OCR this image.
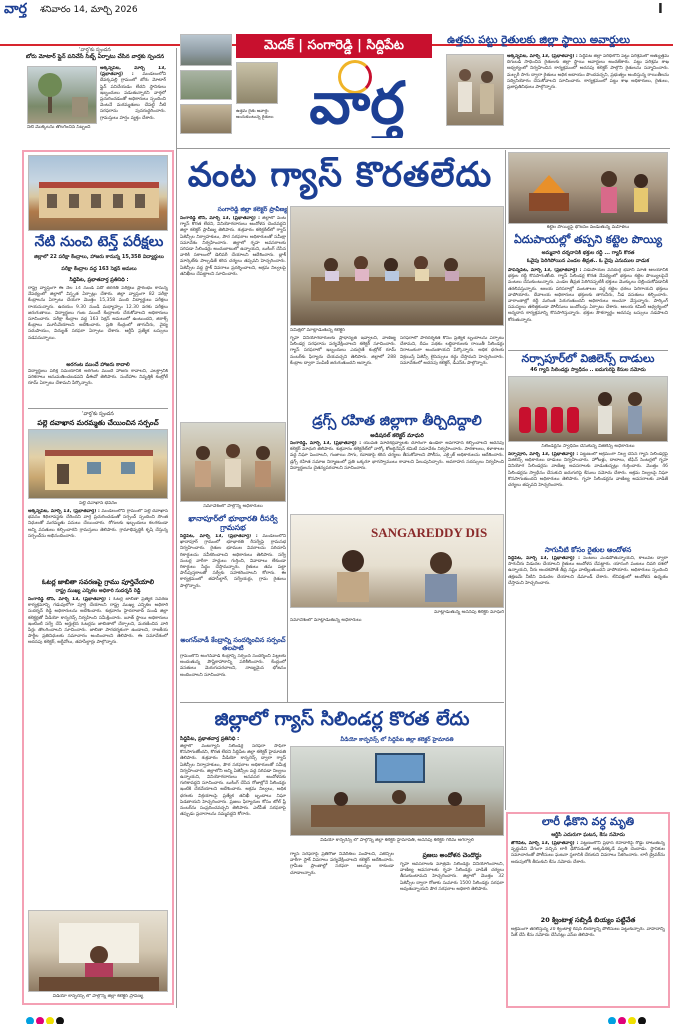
వార్త శనివారం 14, మార్చి 2026	I
'వార్త'కు స్పందన
బోరు మోటార్ ప్లైన్ పనిచేసే సిబ్బ్ ఏర్పాటు చేసిన వార్తకు స్పందన
అక్కన్నపేట, మార్చి 13, (ప్రభాతవార్త) : మండలంలోని దేవక్కపల్లి గ్రామంలో బోరు మోటార్ ప్లైన్ పనిచేయడం లేదని స్థానికులు ఇబ్బందులు పడుతున్నారని వార్తలో ప్రచురించడంతో అధికారులు స్పందించి వెంటనే మరమ్మతులు చేపట్టి నీటి సరఫరాను పునరుద్ధరించారు. గ్రామస్తులు హర్షం వ్యక్తం చేశారు.
నీటి మొక్కలను తొలగించిన సిబ్బంది
మెదక్ | సంగారెడ్డి | సిద్దిపేట
ఉత్తమ రైతు అవార్డు అందుకుంటున్న రైతులు వార్త
ఉత్తమ పట్టు రైతులకు జిల్లా స్థాయి అవార్డులు
అక్కన్నపేట, మార్చి 13, (ప్రభాతవార్త) : సిద్దిపేట జిల్లా పరిధిలోని పట్టు పరిశ్రమలో అత్యుత్తమ దిగుబడి సాధించిన రైతులకు జిల్లా స్థాయి అవార్డులు అందజేశారు. పట్టు పరిశ్రమ శాఖ ఆధ్వర్యంలో నిర్వహించిన కార్యక్రమంలో అదనపు కలెక్టర్ పాల్గొని రైతులను సన్మానించారు. మల్బరీ సాగు ద్వారా రైతులు అధిక ఆదాయం పొందవచ్చని, ప్రభుత్వం అందిస్తున్న రాయితీలను సద్వినియోగం చేసుకోవాలని సూచించారు. కార్యక్రమంలో పట్టు శాఖ అధికారులు, రైతులు, ప్రజాప్రతినిధులు పాల్గొన్నారు.
వంట గ్యాస్ కొరతలేదు
నేటి నుంచి టెన్త్ పరీక్షలు
జిల్లాలో 22 పరీక్షా కేంద్రాలు, హాజరు కానున్న 15,358 విద్యార్థులు
పరీక్షా కేంద్రాల వద్ద 163 సెక్షన్ అమలు
సిద్దిపేట, ప్రభాతవార్త ప్రతినిధి :
రాష్ట్ర వ్యాప్తంగా ఈ నెల 14 నుండి పదో తరగతి పరీక్షలు ప్రారంభం కానున్న నేపథ్యంలో జిల్లాలో విస్తృత ఏర్పాట్లు చేశారు. జిల్లా వ్యాప్తంగా 82 పరీక్షా కేంద్రాలను ఏర్పాటు చేయగా మొత్తం 15,358 మంది విద్యార్థులు పరీక్షలు రాయనున్నారు. ఉదయం 9.30 నుండి మధ్యాహ్నం 12.30 వరకు పరీక్షలు జరుగుతాయి. విద్యార్థులు గంట ముందే కేంద్రాలకు చేరుకోవాలని అధికారులు సూచించారు. పరీక్షా కేంద్రాల వద్ద 163 సెక్షన్ అమలులో ఉంటుందని, జిరాక్స్ కేంద్రాలు మూసివేయాలని ఆదేశించారు. ప్రతి కేంద్రంలో తాగునీరు, వైద్య సదుపాయం, విద్యుత్ సరఫరా ఏర్పాటు చేశారు. ఆర్టీసీ ప్రత్యేక బస్సులు నడపనున్నాయి.
అరగంట ముందే హాజరు కావాలి
విద్యార్థులు పరీక్ష సమయానికి అరగంట ముందే హాజరు కావాలని, ఎలక్ట్రానిక్ పరికరాలు అనుమతించబడవని డీఈవో తెలిపారు. సందేహాల నివృత్తికి కంట్రోల్ రూమ్ ఏర్పాటు చేశామని పేర్కొన్నారు.
'వార్త'కు స్పందన
పల్లె దవాఖాన మరమ్మతు చేయించిన సర్పంచ్
పల్లె దవాఖాన భవనం
అక్కన్నపేట, మార్చి 13, (ప్రభాతవార్త) : మండలంలోని గ్రామంలో పల్లె దవాఖాన భవనం శిథిలావస్థకు చేరిందని వార్త ప్రచురించడంతో సర్పంచ్ స్పందించి సొంత నిధులతో మరమ్మతు పనులు చేయించారు. రోగులకు ఇబ్బందులు కలగకుండా అన్ని వసతులు కల్పించారని గ్రామస్తులు తెలిపారు. గ్రామాభివృద్ధికి కృషి చేస్తున్న సర్పంచ్‌ను అభినందించారు.
ఓటర్ల జాబితా సవరణపై గ్రాము పూర్తిచేయాలి
రాష్ట్ర ముఖ్య ఎన్నికల అధికారి సుదర్శన్ రెడ్డి
సంగారెడ్డి టౌన్, మార్చి 13, (ప్రభాతవార్త) : ఓటర్ల జాబితా ప్రత్యేక సవరణ కార్యక్రమాన్ని గడువులోగా పూర్తి చేయాలని రాష్ట్ర ముఖ్య ఎన్నికల అధికారి సుదర్శన్ రెడ్డి అధికారులను ఆదేశించారు. శుక్రవారం హైదరాబాద్ నుండి జిల్లా కలెక్టర్లతో వీడియో కాన్ఫరెన్స్ నిర్వహించి సమీక్షించారు. బూత్ స్థాయి అధికారులు ఇంటింటి సర్వే చేసి అర్హులైన ఓటర్లను జాబితాలో చేర్చాలని, మరణించిన వారి పేర్లు తొలగించాలని సూచించారు. జాబితా పారదర్శకంగా ఉండాలని, రాజకీయ పార్టీల ప్రతినిధులకు సమాచారం అందించాలని తెలిపారు. ఈ సమావేశంలో అదనపు కలెక్టర్, ఆర్డీవోలు, తహసీల్దార్లు పాల్గొన్నారు.
వీడియో కాన్ఫరెన్స్ లో పాల్గొన్న జిల్లా కలెక్టర్ ప్రావీణ్య
సంగారెడ్డి జిల్లా కలెక్టర్ ప్రావీణ్య
సంగారెడ్డి టౌన్, మార్చి 13, (ప్రభాతవార్త) : జిల్లాలో వంట గ్యాస్ కొరత లేదని, వినియోగదారులు ఆందోళన చెందవద్దని జిల్లా కలెక్టర్ ప్రావీణ్య తెలిపారు. శుక్రవారం కలెక్టరేట్‌లో గ్యాస్ ఏజెన్సీల నిర్వాహకులు, పౌర సరఫరాల అధికారులతో సమీక్షా సమావేశం నిర్వహించారు. జిల్లాలో గృహ అవసరాలకు సరిపడా సిలిండర్లు అందుబాటులో ఉన్నాయని, బుకింగ్ చేసిన వారికి సకాలంలో డెలివరీ చేయాలని ఆదేశించారు. బ్లాక్ మార్కెట్‌కు పాల్పడితే కఠిన చర్యలు తప్పవని హెచ్చరించారు. ఏజెన్సీల వద్ద స్టాక్ వివరాలు ప్రదర్శించాలని, అక్రమ నిల్వలపై తనిఖీలు చేపట్టాలని సూచించారు.
సమీక్షలో మాట్లాడుతున్న కలెక్టర్
గృహ వినియోగదారులకు ప్రాధాన్యత ఇవ్వాలని, వాణిజ్య సిలిండర్ల సరఫరాను పర్యవేక్షించాలని కలెక్టర్ సూచించారు. గ్యాస్ సరఫరాలో ఇబ్బందులు ఎదురైతే కంట్రోల్ రూమ్ నంబర్‌కు ఫిర్యాదు చేయవచ్చని తెలిపారు. జిల్లాలో 288 కేంద్రాల ద్వారా పంపిణీ జరుగుతుందని అన్నారు.
సరఫరాలో పారదర్శకత కోసం ప్రత్యేక బృందాలను ఏర్పాటు చేశామని, దీపం పథకం లబ్ధిదారులకు రాయితీ సిలిండర్లు నిరాటంకంగా అందుతాయని పేర్కొన్నారు. అధిక ధరలకు విక్రయిస్తే ఏజెన్సీ లైసెన్సులు రద్దు చేస్తామని హెచ్చరించారు. సమావేశంలో అదనపు కలెక్టర్, డీఎస్‌ఓ పాల్గొన్నారు.
డ్రగ్స్ రహిత జిల్లాగా తీర్చిదిద్దాలి
అడిషనల్ కలెక్టర్ మాధురి
సంగారెడ్డి, మార్చి 13, (ప్రభాతవార్త) : యువత మాదకద్రవ్యాలకు దూరంగా ఉండేలా అవగాహన కల్పించాలని అదనపు కలెక్టర్ మాధురి తెలిపారు. శుక్రవారం కలెక్టరేట్‌లో నార్కో కోఆర్డినేషన్ కమిటీ సమావేశం నిర్వహించారు. పాఠశాలలు, కళాశాలల వద్ద నిఘా పెంచాలని, గంజాయి సాగు, రవాణాపై కఠిన చర్యలు తీసుకోవాలని పోలీసు, ఎక్సైజ్ అధికారులను ఆదేశించారు. డ్రగ్స్ రహిత సమాజ నిర్మాణంలో ప్రతి ఒక్కరూ భాగస్వాములు కావాలని పిలుపునిచ్చారు. అవగాహన సదస్సులు నిర్వహించి విద్యార్థులను చైతన్యపరచాలని సూచించారు.
సమావేశంలో పాల్గొన్న అధికారులు
ఖానాపూర్‌లో భూభారతి రీసర్వే గ్రామసభ
సిద్దిపేట, మార్చి 13, (ప్రభాతవార్త) : మండలంలోని ఖానాపూర్ గ్రామంలో భూభారతి రీసర్వేపై గ్రామసభ నిర్వహించారు. రైతుల భూముల వివరాలను సరిచూసి రికార్డులను నవీకరించాలని అధికారులు తెలిపారు. సర్వే నంబర్ల వారీగా హద్దులు గుర్తించి, వివాదాలు లేకుండా రికార్డులు సిద్ధం చేస్తామన్నారు. రైతులు తమ పట్టా పాస్‌పుస్తకాలతో సర్వేకు సహకరించాలని కోరారు. ఈ కార్యక్రమంలో తహసీల్దార్, సర్వేయర్లు, గ్రామ రైతులు పాల్గొన్నారు.
SANGAREDDY DIS
మాట్లాడుతున్న అదనపు కలెక్టర్ మాధురి
అంగన్‌వాడీ కేంద్రాన్ని సందర్శించిన సర్పంచ్ తలపాటి
గ్రామంలోని అంగన్‌వాడీ కేంద్రాన్ని సర్పంచ్ సందర్శించి పిల్లలకు అందుతున్న పౌష్టికాహారాన్ని పరిశీలించారు. కేంద్రంలో వసతులు మెరుగుపరచాలని, నాణ్యమైన భోజనం అందించాలని సూచించారు.
సమావేశంలో మాట్లాడుతున్న అధికారులు
జిల్లాలో గ్యాస్ సిలిండర్ల కొరత లేదు
సిద్దిపేట, ప్రభాతవార్త ప్రతినిధి :
జిల్లాలో వంటగ్యాస్ సిలిండర్ల సరఫరా సాఫీగా కొనసాగుతోందని, కొరత లేదని సిద్దిపేట జిల్లా కలెక్టర్ హైమావతి తెలిపారు. శుక్రవారం వీడియో కాన్ఫరెన్స్ ద్వారా గ్యాస్ ఏజెన్సీల నిర్వాహకులు, పౌర సరఫరాల అధికారులతో సమీక్ష నిర్వహించారు. జిల్లాలోని అన్ని ఏజెన్సీల వద్ద సరిపడా నిల్వలు ఉన్నాయని, వినియోగదారులు అనవసర ఆందోళనకు గురికావద్దని సూచించారు. బుకింగ్ చేసిన రోజుల్లోనే సిలిండర్లు ఇంటికి చేరవేయాలని ఆదేశించారు. అక్రమ నిల్వలు, అధిక ధరలకు విక్రయాలపై ప్రత్యేక తనిఖీ బృందాలు నిఘా పెడతాయని హెచ్చరించారు. ప్రజలు ఫిర్యాదుల కోసం టోల్ ఫ్రీ నంబర్‌ను సంప్రదించవచ్చని తెలిపారు. ఎల్‌పీజీ సరఫరాపై తప్పుడు ప్రచారాలను నమ్మవద్దని కోరారు.
వీడియో కాన్ఫరెన్స్ లో సిద్దిపేట జిల్లా కలెక్టర్ హైమావతి
వీడియో కాన్ఫరెన్స్ లో పాల్గొన్న జిల్లా కలెక్టర్ హైమావతి, అదనపు కలెక్టర్ గరిమ అగర్వాల్
గ్యాస్ సరఫరాపై ప్రతిరోజు నివేదికలు పంపాలని, ఏజెన్సీల వారీగా స్టాక్ వివరాలు పర్యవేక్షించాలని కలెక్టర్ ఆదేశించారు. గ్రామీణ ప్రాంతాల్లో సరఫరా ఆలస్యం కాకుండా చూడాలన్నారు.
ప్రజలు అందోళన చెందొద్దు
గృహ అవసరాలకు మాత్రమే సిలిండర్లు వినియోగించాలని, వాణిజ్య అవసరాలకు గృహ సిలిండర్లు వాడితే చర్యలు తీసుకుంటామని హెచ్చరించారు. జిల్లాలో మొత్తం 32 ఏజెన్సీల ద్వారా రోజుకు సుమారు 1500 సిలిండర్లు సరఫరా అవుతున్నాయని పౌర సరఫరాల అధికారి తెలిపారు.
కట్టెల పొయ్యిపై భోజనం వండుతున్న మహిళలు
ఏదుపాయల్లో తప్పని కట్టెల పొయ్యి
అమ్మవారి దర్శనానికి భక్తుల రద్దీ ... గ్యాస్ కొరత
ఓవైపు పెరిగిపోయిన ఎండల తీవ్రత.. ఓ వైపు ఎనుముల వాడుక
పాపన్నపేట, మార్చి 13, (ప్రభాతవార్త) : ఏడుపాయల వనదుర్గ భవానీ మాత ఆలయానికి భక్తుల రద్దీ కొనసాగుతోంది. గ్యాస్ సిలిండర్ల కొరత నేపథ్యంలో భక్తులు కట్టెల పొయ్యిలపైనే వంటలు చేసుకుంటున్నారు. ఎండల తీవ్రత పెరిగినప్పటికీ భక్తులు మొక్కులు చెల్లించుకోవడానికి తరలివస్తున్నారు. ఆలయ పరిసరాల్లో వంటశాలల వద్ద కట్టెల ధరలు పెరిగాయని భక్తులు వాపోయారు. దేవాలయ అధికారులు భక్తులకు తాగునీరు, నీడ వసతులు కల్పించారు. వారాంతాల్లో రద్దీ మరింత పెరుగుతుందని అధికారులు అంచనా వేస్తున్నారు. పార్కింగ్ సమస్యలు తలెత్తకుండా పోలీసులు బందోబస్తు ఏర్పాటు చేశారు. ఆలయ కమిటీ ఆధ్వర్యంలో అన్నదాన కార్యక్రమాన్ని కొనసాగిస్తున్నారు. భక్తుల సౌకర్యార్థం అదనపు బస్సులు నడపాలని కోరుతున్నారు.
నర్సాపూర్‌లో విజిలెన్స్ దాడులు
46 గ్యాస్ సిలిండర్లు స్వాధీనం .. ఐదుగురిపై కేసుల నమోదు
సిలిండర్లను స్వాధీనం చేసుకున్న విజిలెన్స్ అధికారులు
నర్సాపూర్, మార్చి 13, (ప్రభాతవార్త) : పట్టణంలో అక్రమంగా నిల్వ చేసిన గ్యాస్ సిలిండర్లపై విజిలెన్స్ అధికారులు దాడులు నిర్వహించారు. హోటళ్లు, దాబాలు, టిఫిన్ సెంటర్లలో గృహ వినియోగ సిలిండర్లను వాణిజ్య అవసరాలకు వాడుతున్నట్లు గుర్తించారు. మొత్తం 46 సిలిండర్లను స్వాధీనం చేసుకుని ఐదుగురిపై కేసులు నమోదు చేశారు. అక్రమ నిల్వలపై నిఘా కొనసాగుతుందని అధికారులు తెలిపారు. గృహ సిలిండర్లను వాణిజ్య అవసరాలకు వాడితే చర్యలు తప్పవని హెచ్చరించారు.
సాగునీటి కోసం రైతుల ఆందోళన
సిద్దిపేట, మార్చి 13, (ప్రభాతవార్త) : పంటలు ఎండిపోతున్నాయని, కాలువల ద్వారా సాగునీరు విడుదల చేయాలని రైతులు ఆందోళన చేపట్టారు. యాసంగి పంటలు చివరి దశలో ఉన్నాయని, నీరు అందకపోతే తీవ్ర నష్టం వాటిల్లుతుందని వాపోయారు. అధికారులు స్పందించి తక్షణమే నీటిని విడుదల చేయాలని డిమాండ్ చేశారు. లేనిపక్షంలో ఆందోళన ఉధృతం చేస్తామని హెచ్చరించారు.
లారీ ఢీకొని వర్ధ మృతి
ఆర్టీసీ ఎదురుగా ఘటన, కేసు నమోదు
జోగిపేట, మార్చి 13, (ప్రభాతవార్త) : పట్టణంలోని ప్రధాన రహదారిపై రోడ్డు దాటుతున్న వృద్ధుడిని వేగంగా వచ్చిన లారీ ఢీకొనడంతో అక్కడికక్కడే మృతి చెందాడు. స్థానికుల సమాచారంతో పోలీసులు ఘటనా స్థలానికి చేరుకుని వివరాలు సేకరించారు. లారీ డ్రైవర్‌ను అదుపులోకి తీసుకుని కేసు నమోదు చేశారు.
20 క్వింటాళ్ల సబ్సిడీ బియ్యం పట్టివేత
అక్రమంగా తరలిస్తున్న 20 క్వింటాళ్ల రేషన్ బియ్యాన్ని పోలీసులు పట్టుకున్నారు. వాహనాన్ని సీజ్ చేసి కేసు నమోదు చేసినట్లు ఎస్ఐ తెలిపారు.
